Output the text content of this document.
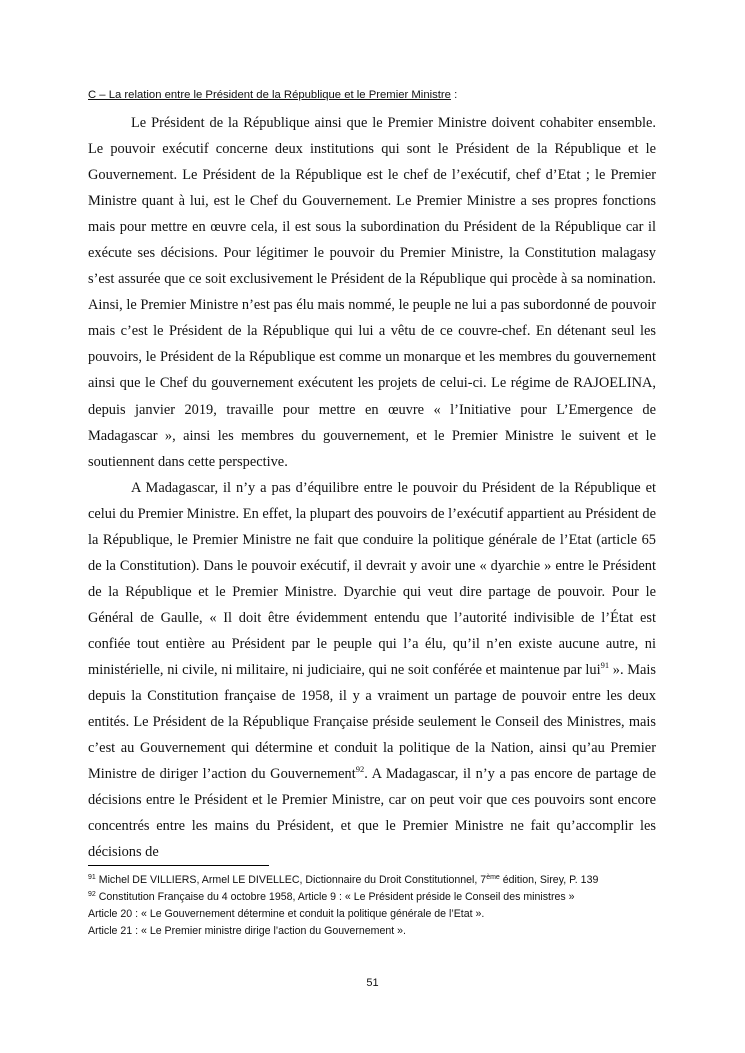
C – La relation entre le Président de la République et le Premier Ministre :

Le Président de la République ainsi que le Premier Ministre doivent cohabiter ensemble. Le pouvoir exécutif concerne deux institutions qui sont le Président de la République et le Gouvernement. Le Président de la République est le chef de l’exécutif, chef d’Etat ; le Premier Ministre quant à lui, est le Chef du Gouvernement. Le Premier Ministre a ses propres fonctions mais pour mettre en œuvre cela, il est sous la subordination du Président de la République car il exécute ses décisions. Pour légitimer le pouvoir du Premier Ministre, la Constitution malagasy s’est assurée que ce soit exclusivement le Président de la République qui procède à sa nomination. Ainsi, le Premier Ministre n’est pas élu mais nommé, le peuple ne lui a pas subordonné de pouvoir mais c’est le Président de la République qui lui a vêtu de ce couvre-chef. En détenant seul les pouvoirs, le Président de la République est comme un monarque et les membres du gouvernement ainsi que le Chef du gouvernement exécutent les projets de celui-ci. Le régime de RAJOELINA, depuis janvier 2019, travaille pour mettre en œuvre « l’Initiative pour L’Emergence de Madagascar », ainsi les membres du gouvernement, et le Premier Ministre le suivent et le soutiennent dans cette perspective.

A Madagascar, il n’y a pas d’équilibre entre le pouvoir du Président de la République et celui du Premier Ministre. En effet, la plupart des pouvoirs de l’exécutif appartient au Président de la République, le Premier Ministre ne fait que conduire la politique générale de l’Etat (article 65 de la Constitution). Dans le pouvoir exécutif, il devrait y avoir une « dyarchie » entre le Président de la République et le Premier Ministre. Dyarchie qui veut dire partage de pouvoir. Pour le Général de Gaulle, « Il doit être évidemment entendu que l’autorité indivisible de l’État est confiée tout entière au Président par le peuple qui l’a élu, qu’il n’en existe aucune autre, ni ministérielle, ni civile, ni militaire, ni judiciaire, qui ne soit conférée et maintenue par lui$^{91}$ ». Mais depuis la Constitution française de 1958, il y a vraiment un partage de pouvoir entre les deux entités. Le Président de la République Française préside seulement le Conseil des Ministres, mais c’est au Gouvernement qui détermine et conduit la politique de la Nation, ainsi qu’au Premier Ministre de diriger l’action du Gouvernement$^{92}$. A Madagascar, il n’y a pas encore de partage de décisions entre le Président et le Premier Ministre, car on peut voir que ces pouvoirs sont encore concentrés entre les mains du Président, et que le Premier Ministre ne fait qu’accomplir les décisions de

$^{91}$ Michel DE VILLIERS, Armel LE DIVELLEC, Dictionnaire du Droit Constitutionnel, 7ème édition, Sirey, P. 139
$^{92}$ Constitution Française du 4 octobre 1958, Article 9 : « Le Président préside le Conseil des ministres »
Article 20 : « Le Gouvernement détermine et conduit la politique générale de l’Etat ».
Article 21 : « Le Premier ministre dirige l’action du Gouvernement ».
51
